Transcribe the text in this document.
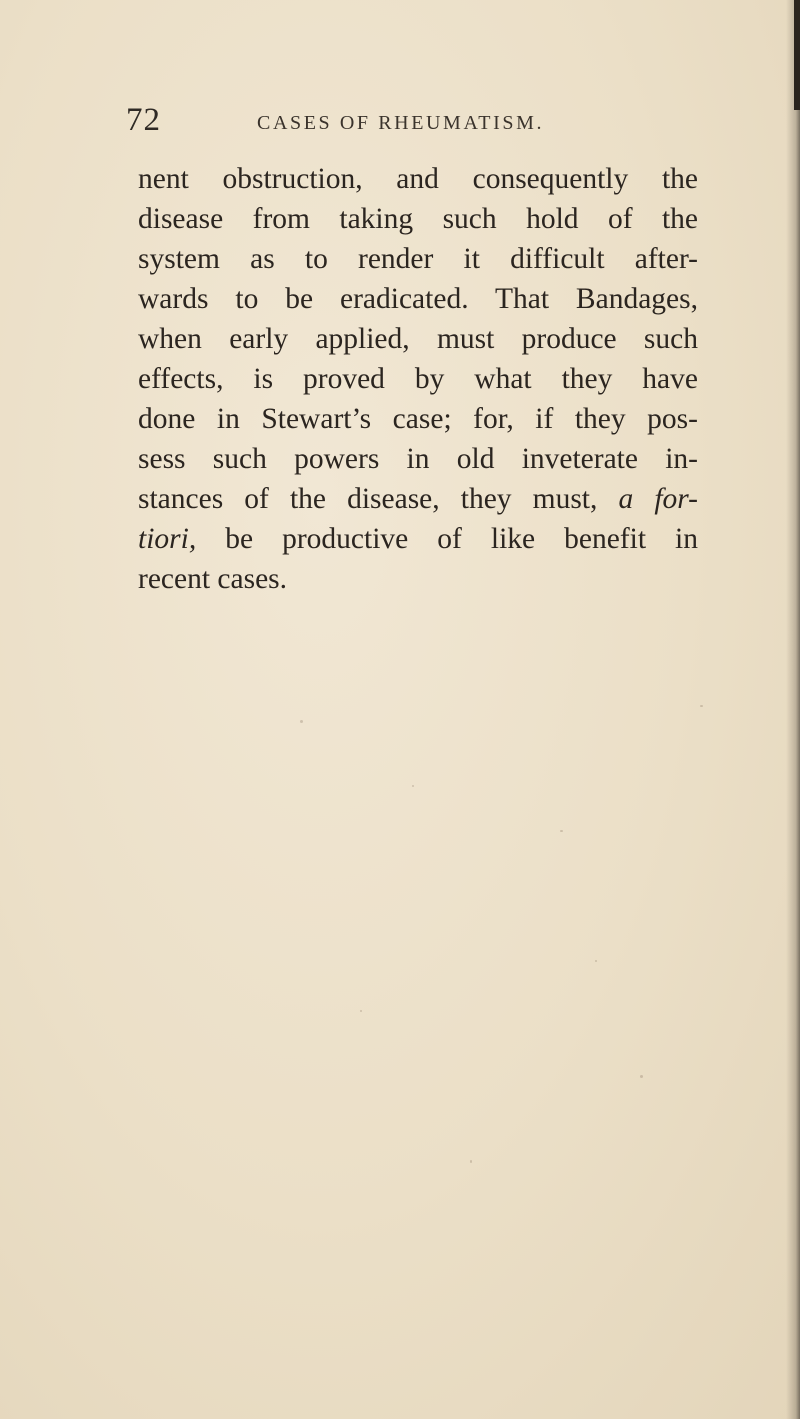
72	CASES OF RHEUMATISM.
nent obstruction, and consequently the
disease from taking such hold of the
system as to render it difficult after-
wards to be eradicated. That Bandages,
when early applied, must produce such
effects, is proved by what they have
done in Stewart’s case; for, if they pos-
sess such powers in old inveterate in-
stances of the disease, they must, a for-
tiori, be productive of like benefit in
recent cases.
